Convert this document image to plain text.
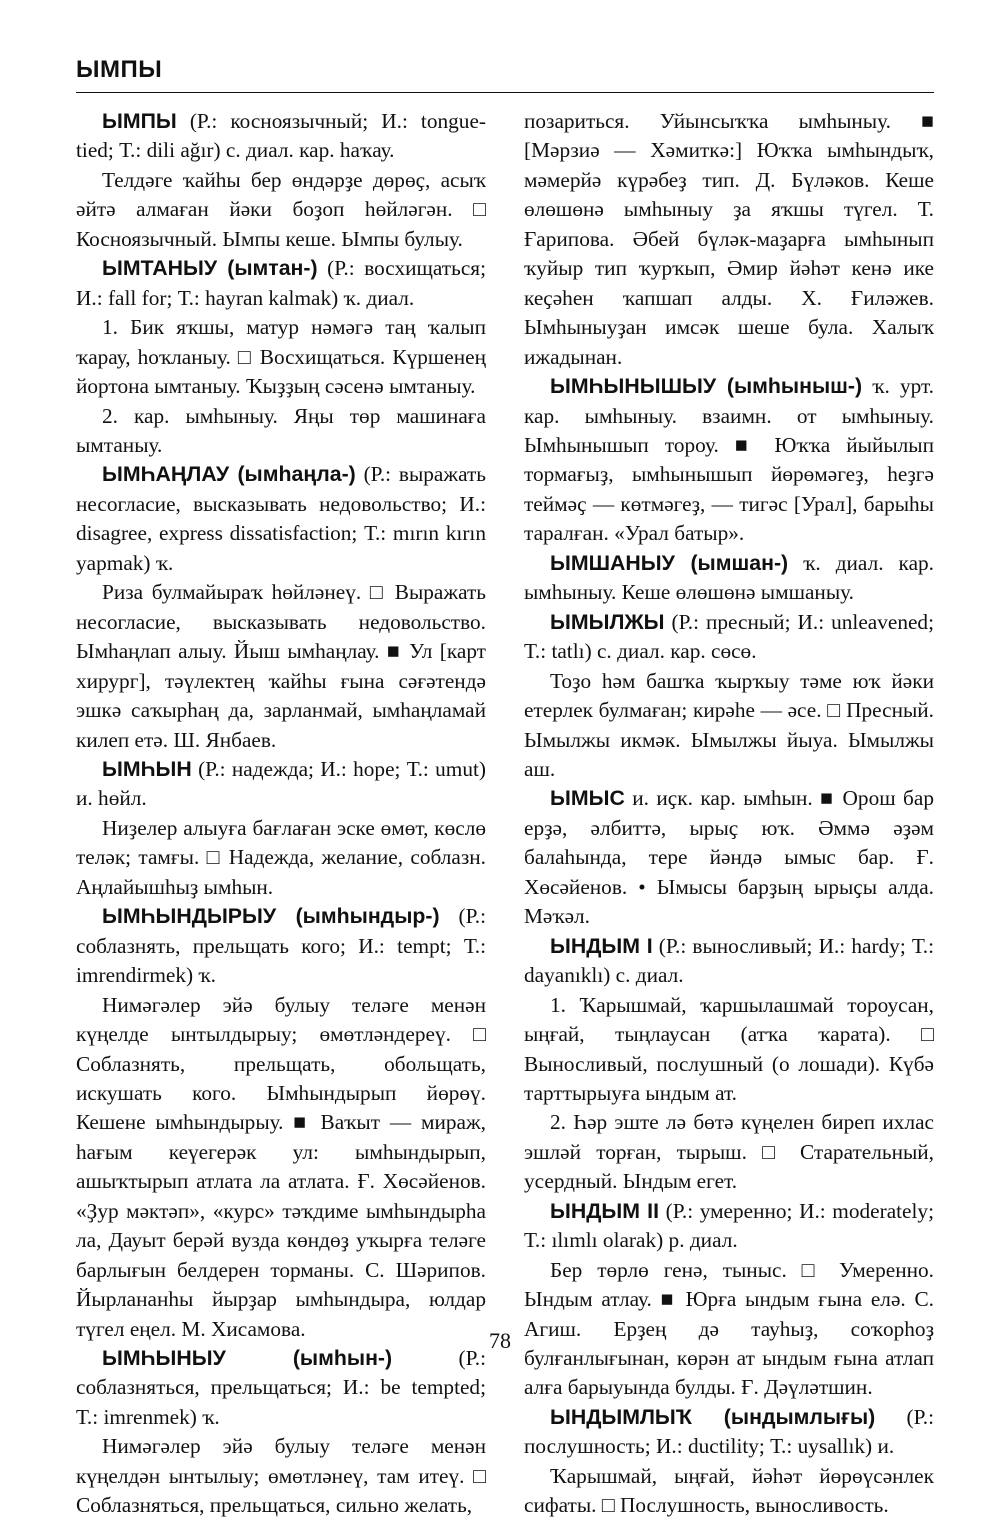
ЫМПЫ

ЫМПЫ (Р.: косноязычный; И.: tongue-tied; Т.: dili ağır) с. диал. кар. һаҡау.

Телдәге ҡайһы бер өндәрҙе дөрөҫ, асыҡ әйтә алмаған йәки боҙоп һөйләгән. □ Косноязычный. Ымпы кеше. Ымпы булыу.

ЫМТАНЫУ (ымтан-) (Р.: восхищаться; И.: fall for; Т.: hayran kalmak) ҡ. диал.

1. Бик яҡшы, матур нәмәгә таң ҡалып ҡарау, һоҡланыу. □ Восхищаться. Күршенең йортона ымтаныу. Ҡыҙҙың сәсенә ымтаныу.

2. кар. ымһыныу. Яңы төр машинаға ымтаныу.

ЫМҺАҢЛАУ (ымһаңла-) (Р.: выражать несогласие, высказывать недовольство; И.: disagree, express dissatisfaction; Т.: mırın kırın yapmak) ҡ.

Риза булмайыраҡ һөйләнеү. □ Выражать несогласие, высказывать недовольство. Ымһаңлап алыу. Йыш ымһаңлау. ■ Ул [карт хирург], тәүлектең ҡайһы ғына сәғәтендә эшкә саҡырһаң да, зарланмай, ымһаңламай килеп етә. Ш. Янбаев.

ЫМҺЫН (Р.: надежда; И.: hope; Т.: umut) и. һөйл.

Ниҙелер алыуға бағлаған эске өмөт, көслө теләк; тамғы. □ Надежда, желание, соблазн. Аңлайышһыҙ ымһын.

ЫМҺЫНДЫРЫУ (ымһындыр-) (Р.: соблазнять, прельщать кого; И.: tempt; Т.: imrendirmek) ҡ.

Нимәгәлер эйә булыу теләге менән күңелде ынтылдырыу; өмөтләндереү. □ Соблазнять, прельщать, обольщать, искушать кого. Ымһындырып йөрөү. Кешене ымһындырыу. ■ Ваҡыт — мираж, һағым кеүегерәк ул: ымһындырып, ашыҡтырып атлата ла атлата. Ғ. Хөсәйенов. «Ҙур мәктәп», «курс» тәҡдиме ымһындырһа ла, Дауыт берәй вузда көндөҙ уҡырға теләге барлығын белдерен торманы. С. Шәрипов. Йырлананһы йырҙар ымһындыра, юлдар түгел еңел. М. Хисамова.

ЫМҺЫНЫУ (ымһын-) (Р.: соблазняться, прельщаться; И.: be tempted; Т.: imrenmek) ҡ.

Нимәгәлер эйә булыу теләге менән күңелдән ынтылыу; өмөтләнеү, там итеү. □ Соблазняться, прельщаться, сильно желать,

позариться. Уйынсыҡҡа ымһыныу. ■ [Мәрзиә — Хәмиткә:] Юҡҡа ымһындыҡ, мәмерйә күрәбеҙ тип. Д. Бүләков. Кеше өлөшөнә ымһыныу ҙа яҡшы түгел. Т. Ғарипова. Әбей бүләк-маҙарға ымһынып ҡуйыр тип ҡурҡып, Әмир йәһәт кенә ике кеҫәһен ҡапшап алды. Х. Ғиләжев. Ымһыныуҙан имсәк шеше була. Халыҡ ижадынан.

ЫМҺЫНЫШЫУ (ымһыныш-) ҡ. урт. кар. ымһыныу. взаимн. от ымһыныу. Ымһынышып тороу. ■ Юҡҡа йыйылып тормағыҙ, ымһынышып йөрөмәгеҙ, һеҙгә теймәҫ — көтмәгеҙ, — тигәс [Урал], барыһы таралған. «Урал батыр».

ЫМШАНЫУ (ымшан-) ҡ. диал. кар. ымһыныу. Кеше өлөшөнә ымшаныу.

ЫМЫЛЖЫ (Р.: пресный; И.: unleavened; Т.: tatlı) с. диал. кар. сөсө.

Тоҙо һәм башҡа ҡырҡыу тәме юҡ йәки етерлек булмаған; кирәһе — әсе. □ Пресный. Ымылжы икмәк. Ымылжы йыуа. Ымылжы аш.

ЫМЫС и. иҫк. кар. ымһын. ■ Орош бар ерҙә, әлбиттә, ырыҫ юҡ. Әммә әҙәм балаһында, тере йәндә ымыс бар. Ғ. Хөсәйенов. • Ымысы барҙың ырыҫы алда. Мәҡәл.

ЫНДЫМ I (Р.: выносливый; И.: hardy; Т.: dayanıklı) с. диал.

1. Ҡарышмай, ҡаршылашмай тороусан, ыңғай, тыңлаусан (атҡа ҡарата). □ Выносливый, послушный (о лошади). Күбә тарттырыуға ындым ат.

2. Һәр эште лә бөтә күңелен биреп ихлас эшләй торған, тырыш. □ Старательный, усердный. Ындым егет.

ЫНДЫМ II (Р.: умеренно; И.: moderately; Т.: ılımlı olarak) р. диал.

Бер төрлө генә, тыныс. □ Умеренно. Ындым атлау. ■ Юрға ындым ғына елә. С. Агиш. Ерҙең дә тауһыҙ, соҡорһоҙ булғанлығынан, көрән ат ындым ғына атлап алға барыуында булды. Ғ. Дәүләтшин.

ЫНДЫМЛЫҠ (ындымлығы) (Р.: послушность; И.: ductility; Т.: uysallık) и.

Ҡарышмай, ыңғай, йәһәт йөрөүсәнлек сифаты. □ Послушность, выносливость.

78
